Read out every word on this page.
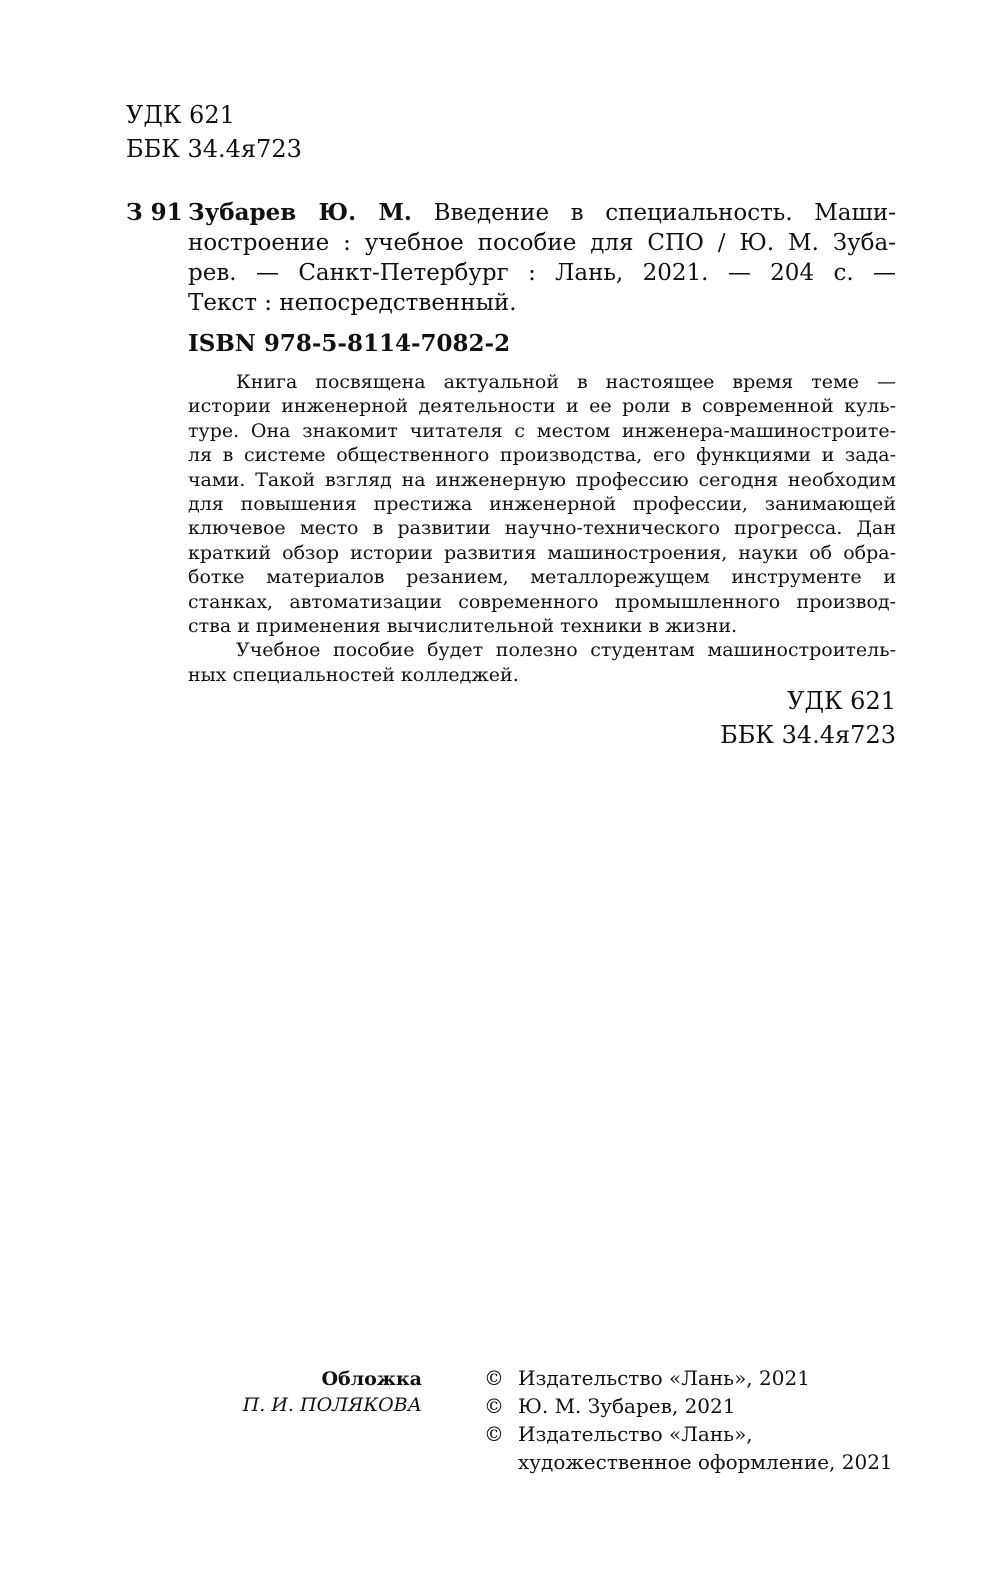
УДК 621
ББК 34.4я723
З 91 Зубарев Ю. М. Введение в специальность. Маши-
ностроение : учебное пособие для СПО / Ю. М. Зуба-
рев. — Санкт-Петербург : Лань, 2021. — 204 с. —
Текст : непосредственный.
ISBN 978-5-8114-7082-2
Книга посвящена актуальной в настоящее время теме —
истории инженерной деятельности и ее роли в современной куль-
туре. Она знакомит читателя с местом инженера-машиностроите-
ля в системе общественного производства, его функциями и зада-
чами. Такой взгляд на инженерную профессию сегодня необходим
для повышения престижа инженерной профессии, занимающей
ключевое место в развитии научно-технического прогресса. Дан
краткий обзор истории развития машиностроения, науки об обра-
ботке материалов резанием, металлорежущем инструменте и
станках, автоматизации современного промышленного производ-
ства и применения вычислительной техники в жизни.
Учебное пособие будет полезно студентам машиностроитель-
ных специальностей колледжей.
УДК 621
ББК 34.4я723
Обложка
П. И. ПОЛЯКОВА
© Издательство «Лань», 2021
© Ю. М. Зубарев, 2021
© Издательство «Лань»,
художественное оформление, 2021
